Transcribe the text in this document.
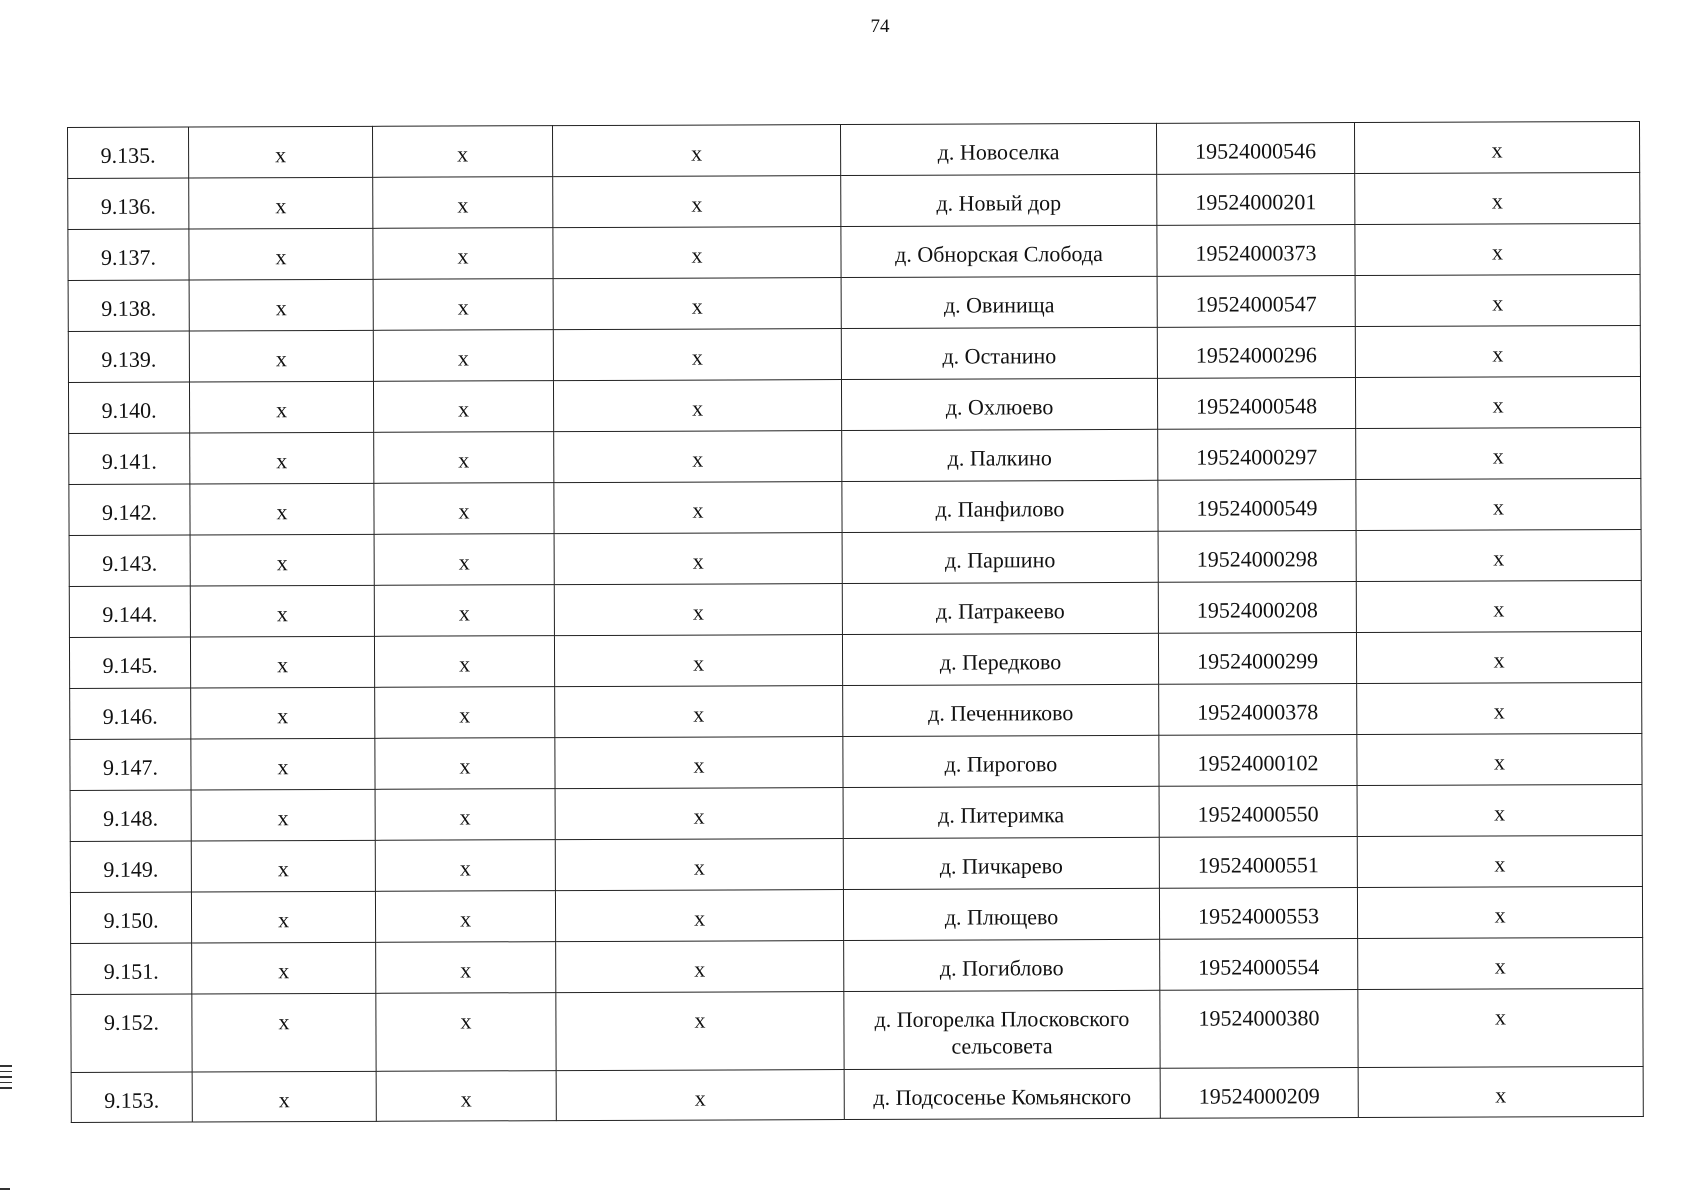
74
9.135.	x	x	x	д. Новоселка	19524000546	x
9.136.	x	x	x	д. Новый дор	19524000201	x
9.137.	x	x	x	д. Обнорская Слобода	19524000373	x
9.138.	x	x	x	д. Овинища	19524000547	x
9.139.	x	x	x	д. Останино	19524000296	x
9.140.	x	x	x	д. Охлюево	19524000548	x
9.141.	x	x	x	д. Палкино	19524000297	x
9.142.	x	x	x	д. Панфилово	19524000549	x
9.143.	x	x	x	д. Паршино	19524000298	x
9.144.	x	x	x	д. Патракеево	19524000208	x
9.145.	x	x	x	д. Передково	19524000299	x
9.146.	x	x	x	д. Печенниково	19524000378	x
9.147.	x	x	x	д. Пирогово	19524000102	x
9.148.	x	x	x	д. Питеримка	19524000550	x
9.149.	x	x	x	д. Пичкарево	19524000551	x
9.150.	x	x	x	д. Плющево	19524000553	x
9.151.	x	x	x	д. Погиблово	19524000554	x
9.152.	x	x	x	д. Погорелка Плосковского сельсовета	19524000380	x
9.153.	x	x	x	д. Подсосенье Комьянского	19524000209	x
